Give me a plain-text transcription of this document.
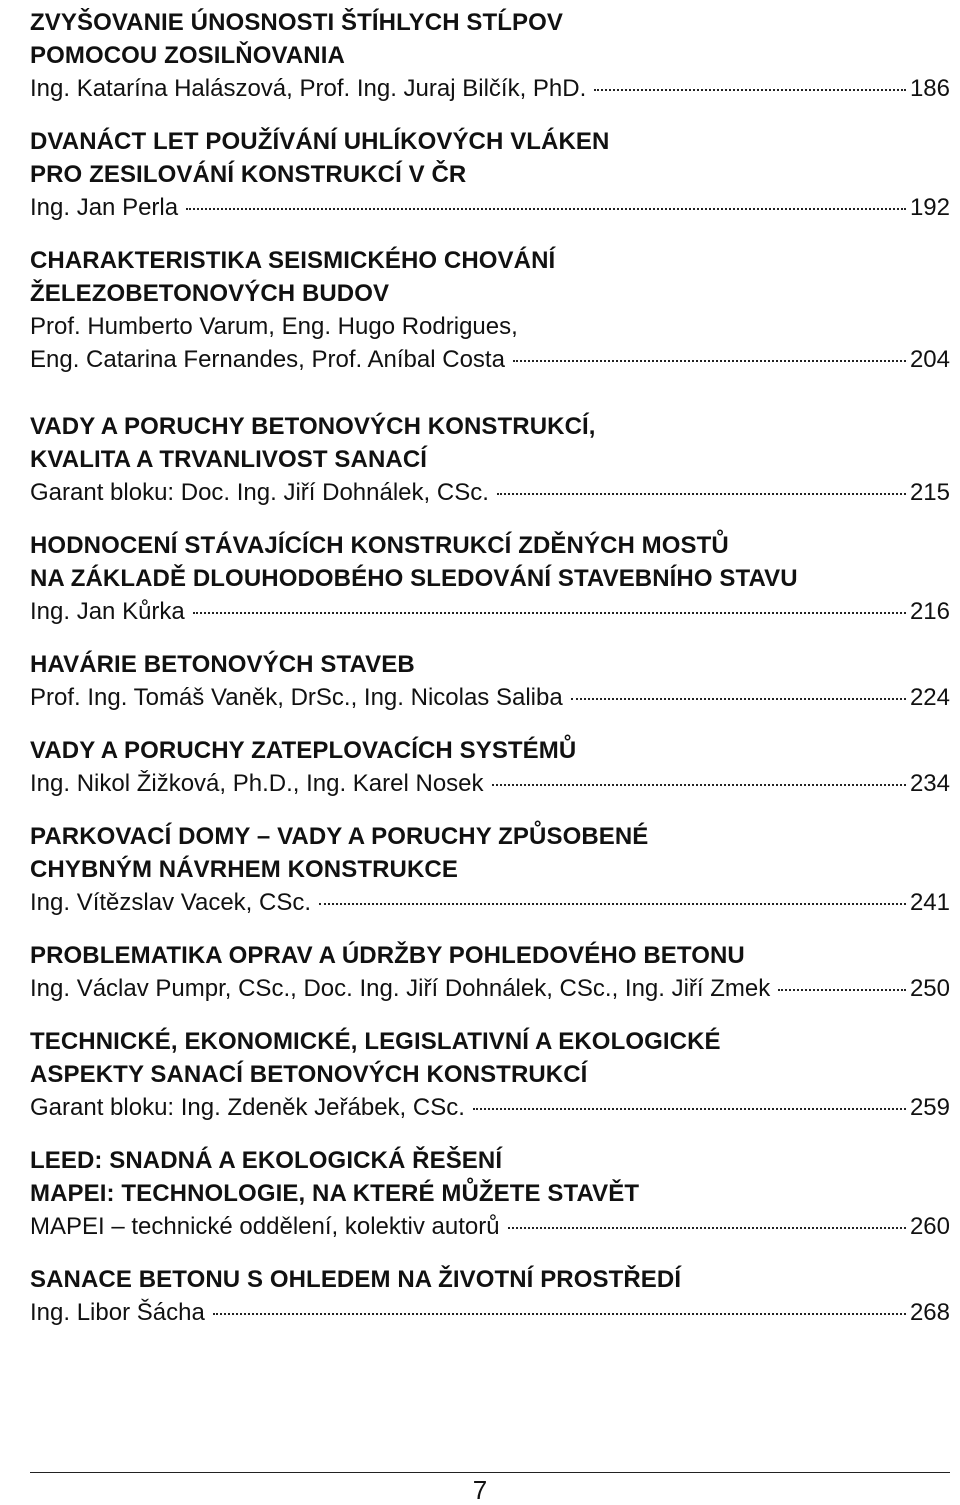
ZVYŠOVANIE ÚNOSNOSTI ŠTÍHLYCH STĹPOV
POMOCOU ZOSILŇOVANIA
Ing. Katarína Halászová, Prof. Ing. Juraj Bilčík, PhD.	186
DVANÁCT LET POUŽÍVÁNÍ UHLÍKOVÝCH VLÁKEN
PRO ZESILOVÁNÍ KONSTRUKCÍ V ČR
Ing. Jan Perla	192
CHARAKTERISTIKA SEISMICKÉHO CHOVÁNÍ
ŽELEZOBETONOVÝCH BUDOV
Prof. Humberto Varum, Eng. Hugo Rodrigues,
Eng. Catarina Fernandes, Prof. Aníbal Costa	204
VADY A PORUCHY BETONOVÝCH KONSTRUKCÍ,
KVALITA A TRVANLIVOST SANACÍ
Garant bloku: Doc. Ing. Jiří Dohnálek, CSc.	215
HODNOCENÍ STÁVAJÍCÍCH KONSTRUKCÍ ZDĚNÝCH MOSTŮ
NA ZÁKLADĚ DLOUHODOBÉHO SLEDOVÁNÍ STAVEBNÍHO STAVU
Ing. Jan Kůrka	216
HAVÁRIE BETONOVÝCH STAVEB
Prof. Ing. Tomáš Vaněk, DrSc., Ing. Nicolas Saliba	224
VADY A PORUCHY ZATEPLOVACÍCH SYSTÉMŮ
Ing. Nikol Žižková, Ph.D., Ing. Karel Nosek	234
PARKOVACÍ DOMY – VADY A PORUCHY ZPŮSOBENÉ
CHYBNÝM NÁVRHEM KONSTRUKCE
Ing. Vítězslav Vacek, CSc.	241
PROBLEMATIKA OPRAV A ÚDRŽBY POHLEDOVÉHO BETONU
Ing. Václav Pumpr, CSc., Doc. Ing. Jiří Dohnálek, CSc., Ing. Jiří Zmek	250
TECHNICKÉ, EKONOMICKÉ, LEGISLATIVNÍ A EKOLOGICKÉ
ASPEKTY SANACÍ BETONOVÝCH KONSTRUKCÍ
Garant bloku: Ing. Zdeněk Jeřábek, CSc.	259
LEED: SNADNÁ A EKOLOGICKÁ ŘEŠENÍ
MAPEI: TECHNOLOGIE, NA KTERÉ MŮŽETE STAVĚT
MAPEI – technické oddělení, kolektiv autorů	260
SANACE BETONU S OHLEDEM NA ŽIVOTNÍ PROSTŘEDÍ
Ing. Libor Šácha	268
7
